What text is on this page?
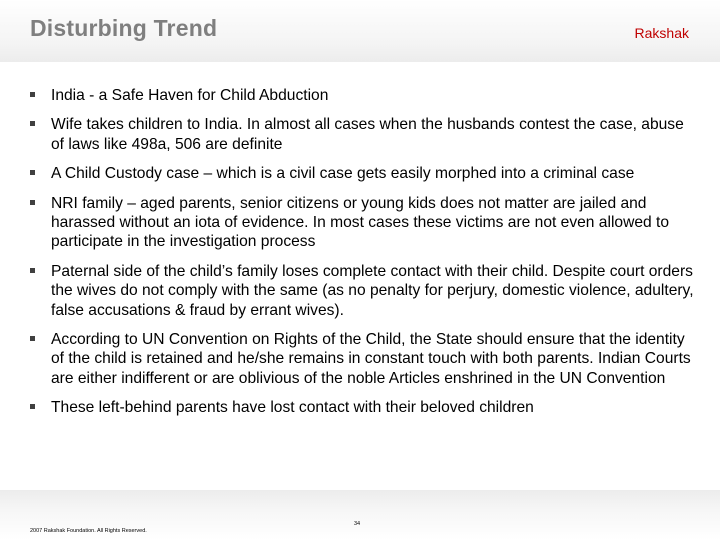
Disturbing Trend	Rakshak
India - a Safe Haven for Child Abduction
Wife takes children to India. In almost all cases when the husbands contest the case, abuse of laws like 498a, 506 are definite
A Child Custody case – which is a civil case gets easily morphed into a criminal case
NRI family – aged parents, senior citizens or young kids does not matter are jailed and harassed without an iota of evidence. In most cases these victims are not even allowed to participate in the investigation process
Paternal side of the child’s family loses complete contact with their child. Despite court orders the wives do not comply with the same (as no penalty for perjury, domestic violence, adultery, false accusations & fraud by errant wives).
According to UN Convention on Rights of the Child, the State should ensure that the identity of the child is retained and he/she remains in constant touch with both parents. Indian Courts are either indifferent or are oblivious of the noble Articles enshrined in the UN Convention
These left-behind parents have lost contact with their beloved children
2007 Rakshak Foundation. All Rights Reserved.
34
